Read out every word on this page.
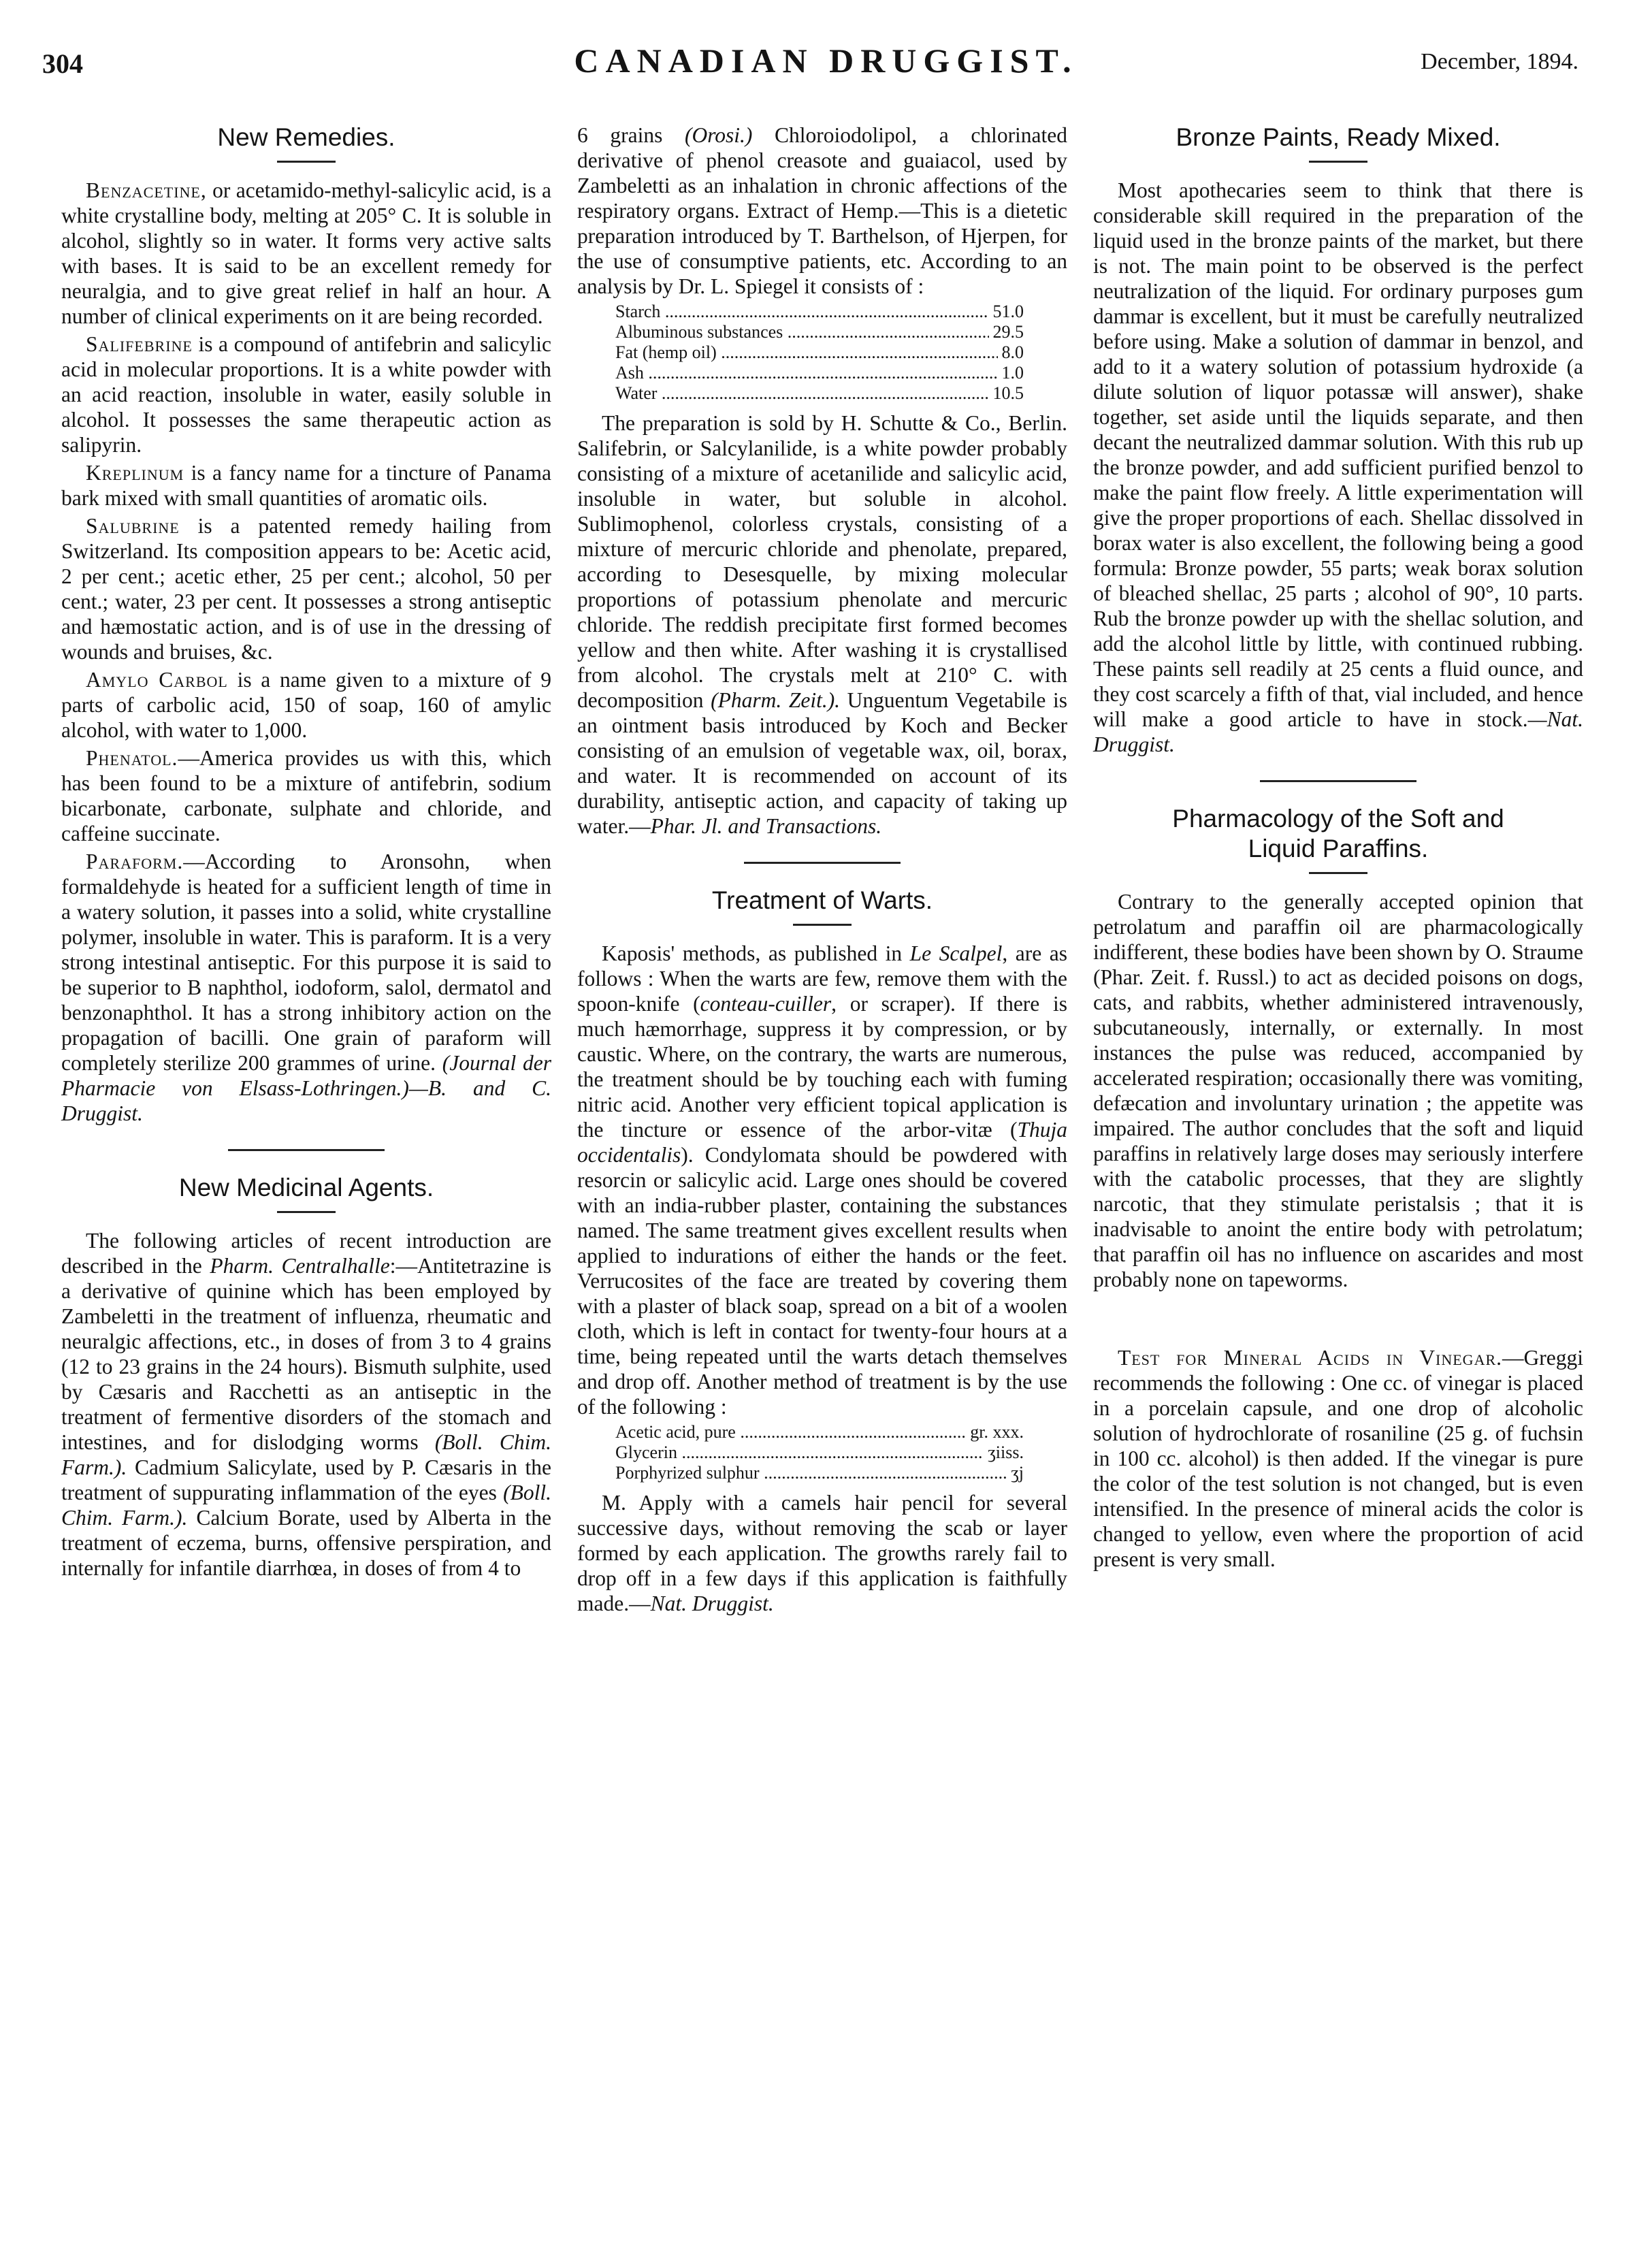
304	CANADIAN DRUGGIST.	December, 1894.
New Remedies.

Benzacetine, or acetamido-methyl-salicylic acid, is a white crystalline body, melting at 205° C. It is soluble in alcohol, slightly so in water. It forms very active salts with bases. It is said to be an excellent remedy for neuralgia, and to give great relief in half an hour. A number of clinical experiments on it are being recorded.

Salifebrine is a compound of antifebrin and salicylic acid in molecular proportions. It is a white powder with an acid reaction, insoluble in water, easily soluble in alcohol. It possesses the same therapeutic action as salipyrin.

Kreplinum is a fancy name for a tincture of Panama bark mixed with small quantities of aromatic oils.

Salubrine is a patented remedy hailing from Switzerland. Its composition appears to be: Acetic acid, 2 per cent.; acetic ether, 25 per cent.; alcohol, 50 per cent.; water, 23 per cent. It possesses a strong antiseptic and hæmostatic action, and is of use in the dressing of wounds and bruises, &c.

Amylo Carbol is a name given to a mixture of 9 parts of carbolic acid, 150 of soap, 160 of amylic alcohol, with water to 1,000.

Phenatol.—America provides us with this, which has been found to be a mixture of antifebrin, sodium bicarbonate, carbonate, sulphate and chloride, and caffeine succinate.

Paraform.—According to Aronsohn, when formaldehyde is heated for a sufficient length of time in a watery solution, it passes into a solid, white crystalline polymer, insoluble in water. This is paraform. It is a very strong intestinal antiseptic. For this purpose it is said to be superior to B naphthol, iodoform, salol, dermatol and benzonaphthol. It has a strong inhibitory action on the propagation of bacilli. One grain of paraform will completely sterilize 200 grammes of urine. (Journal der Pharmacie von Elsass-Lothringen.)—B. and C. Druggist.

New Medicinal Agents.

The following articles of recent introduction are described in the Pharm. Centralhalle:—Antitetrazine is a derivative of quinine which has been employed by Zambeletti in the treatment of influenza, rheumatic and neuralgic affections, etc., in doses of from 3 to 4 grains (12 to 23 grains in the 24 hours). Bismuth sulphite, used by Cæsaris and Racchetti as an antiseptic in the treatment of fermentive disorders of the stomach and intestines, and for dislodging worms (Boll. Chim. Farm.). Cadmium Salicylate, used by P. Cæsaris in the treatment of suppurating inflammation of the eyes (Boll. Chim. Farm.). Calcium Borate, used by Alberta in the treatment of eczema, burns, offensive perspiration, and internally for infantile diarrhœa, in doses of from 4 to

6 grains (Orosi.) Chloroiodolipol, a chlorinated derivative of phenol creasote and guaiacol, used by Zambeletti as an inhalation in chronic affections of the respiratory organs. Extract of Hemp.—This is a dietetic preparation introduced by T. Barthelson, of Hjerpen, for the use of consumptive patients, etc. According to an analysis by Dr. L. Spiegel it consists of :

Starch .....	51.0
Albuminous substances .....	29.5
Fat (hemp oil) .....	8.0
Ash .....	1.0
Water .....	10.5

The preparation is sold by H. Schutte & Co., Berlin. Salifebrin, or Salcylanilide, is a white powder probably consisting of a mixture of acetanilide and salicylic acid, insoluble in water, but soluble in alcohol. Sublimophenol, colorless crystals, consisting of a mixture of mercuric chloride and phenolate, prepared, according to Desesquelle, by mixing molecular proportions of potassium phenolate and mercuric chloride. The reddish precipitate first formed becomes yellow and then white. After washing it is crystallised from alcohol. The crystals melt at 210° C. with decomposition (Pharm. Zeit.). Unguentum Vegetabile is an ointment basis introduced by Koch and Becker consisting of an emulsion of vegetable wax, oil, borax, and water. It is recommended on account of its durability, antiseptic action, and capacity of taking up water.—Phar. Jl. and Transactions.

Treatment of Warts.

Kaposis' methods, as published in Le Scalpel, are as follows : When the warts are few, remove them with the spoon-knife (conteau-cuiller, or scraper). If there is much hæmorrhage, suppress it by compression, or by caustic. Where, on the contrary, the warts are numerous, the treatment should be by touching each with fuming nitric acid. Another very efficient topical application is the tincture or essence of the arbor-vitæ (Thuja occidentalis). Condylomata should be powdered with resorcin or salicylic acid. Large ones should be covered with an india-rubber plaster, containing the substances named. The same treatment gives excellent results when applied to indurations of either the hands or the feet. Verrucosites of the face are treated by covering them with a plaster of black soap, spread on a bit of a woolen cloth, which is left in contact for twenty-four hours at a time, being repeated until the warts detach themselves and drop off. Another method of treatment is by the use of the following :

Acetic acid, pure .....	gr. xxx.
Glycerin .....	ʒiiss.
Porphyrized sulphur .....	ʒj

M. Apply with a camels hair pencil for several successive days, without removing the scab or layer formed by each application. The growths rarely fail to drop off in a few days if this application is faithfully made.—Nat. Druggist.

Bronze Paints, Ready Mixed.

Most apothecaries seem to think that there is considerable skill required in the preparation of the liquid used in the bronze paints of the market, but there is not. The main point to be observed is the perfect neutralization of the liquid. For ordinary purposes gum dammar is excellent, but it must be carefully neutralized before using. Make a solution of dammar in benzol, and add to it a watery solution of potassium hydroxide (a dilute solution of liquor potassæ will answer), shake together, set aside until the liquids separate, and then decant the neutralized dammar solution. With this rub up the bronze powder, and add sufficient purified benzol to make the paint flow freely. A little experimentation will give the proper proportions of each. Shellac dissolved in borax water is also excellent, the following being a good formula: Bronze powder, 55 parts; weak borax solution of bleached shellac, 25 parts ; alcohol of 90°, 10 parts. Rub the bronze powder up with the shellac solution, and add the alcohol little by little, with continued rubbing. These paints sell readily at 25 cents a fluid ounce, and they cost scarcely a fifth of that, vial included, and hence will make a good article to have in stock.—Nat. Druggist.

Pharmacology of the Soft and
Liquid Paraffins.

Contrary to the generally accepted opinion that petrolatum and paraffin oil are pharmacologically indifferent, these bodies have been shown by O. Straume (Phar. Zeit. f. Russl.) to act as decided poisons on dogs, cats, and rabbits, whether administered intravenously, subcutaneously, internally, or externally. In most instances the pulse was reduced, accompanied by accelerated respiration; occasionally there was vomiting, defæcation and involuntary urination ; the appetite was impaired. The author concludes that the soft and liquid paraffins in relatively large doses may seriously interfere with the catabolic processes, that they are slightly narcotic, that they stimulate peristalsis ; that it is inadvisable to anoint the entire body with petrolatum; that paraffin oil has no influence on ascarides and most probably none on tapeworms.

Test for Mineral Acids in Vinegar.—Greggi recommends the following : One cc. of vinegar is placed in a porcelain capsule, and one drop of alcoholic solution of hydrochlorate of rosaniline (25 g. of fuchsin in 100 cc. alcohol) is then added. If the vinegar is pure the color of the test solution is not changed, but is even intensified. In the presence of mineral acids the color is changed to yellow, even where the proportion of acid present is very small.
